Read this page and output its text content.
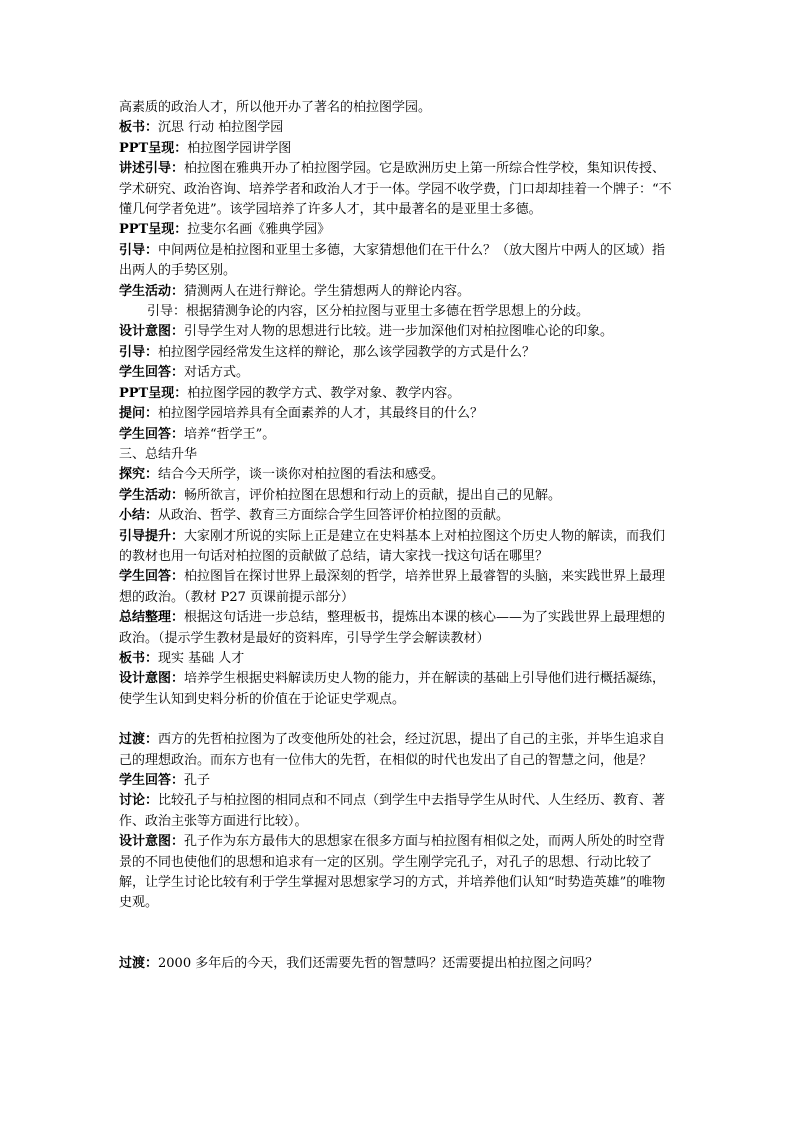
高素质的政治人才，所以他开办了著名的柏拉图学园。
板书：沉思 行动 柏拉图学园
PPT呈现：柏拉图学园讲学图

讲述引导：柏拉图在雅典开办了柏拉图学园。它是欧洲历史上第一所综合性学校，集知识传授、学术研究、政治咨询、培养学者和政治人才于一体。学园不收学费，门口却却挂着一个牌子：“不懂几何学者免进”。该学园培养了许多人才，其中最著名的是亚里士多德。

PPT呈现：拉斐尔名画《雅典学园》

引导：中间两位是柏拉图和亚里士多德，大家猜想他们在干什么？（放大图片中两人的区域）指出两人的手势区别。

学生活动：猜测两人在进行辩论。学生猜想两人的辩论内容。
引导：根据猜测争论的内容，区分柏拉图与亚里士多德在哲学思想上的分歧。
设计意图：引导学生对人物的思想进行比较。进一步加深他们对柏拉图唯心论的印象。
引导：柏拉图学园经常发生这样的辩论，那么该学园教学的方式是什么？
学生回答：对话方式。
PPT呈现：柏拉图学园的教学方式、教学对象、教学内容。
提问：柏拉图学园培养具有全面素养的人才，其最终目的什么？
学生回答：培养“哲学王”。
三、总结升华
探究：结合今天所学，谈一谈你对柏拉图的看法和感受。
学生活动：畅所欲言，评价柏拉图在思想和行动上的贡献，提出自己的见解。
小结：从政治、哲学、教育三方面综合学生回答评价柏拉图的贡献。

引导提升：大家刚才所说的实际上正是建立在史料基本上对柏拉图这个历史人物的解读，而我们的教材也用一句话对柏拉图的贡献做了总结，请大家找一找这句话在哪里？

学生回答：柏拉图旨在探讨世界上最深刻的哲学，培养世界上最睿智的头脑，来实践世界上最理想的政治。（教材 P27 页课前提示部分）

总结整理：根据这句话进一步总结，整理板书，提炼出本课的核心——为了实践世界上最理想的政治。（提示学生教材是最好的资料库，引导学生学会解读教材）

板书：现实 基础 人才

设计意图：培养学生根据史料解读历史人物的能力，并在解读的基础上引导他们进行概括凝练，使学生认知到史料分析的价值在于论证史学观点。

过渡：西方的先哲柏拉图为了改变他所处的社会，经过沉思，提出了自己的主张，并毕生追求自己的理想政治。而东方也有一位伟大的先哲，在相似的时代也发出了自己的智慧之问，他是？

学生回答：孔子

讨论：比较孔子与柏拉图的相同点和不同点（到学生中去指导学生从时代、人生经历、教育、著作、政治主张等方面进行比较）。

设计意图：孔子作为东方最伟大的思想家在很多方面与柏拉图有相似之处，而两人所处的时空背景的不同也使他们的思想和追求有一定的区别。学生刚学完孔子，对孔子的思想、行动比较了解，让学生讨论比较有利于学生掌握对思想家学习的方式，并培养他们认知“时势造英雄”的唯物史观。

过渡：2000 多年后的今天，我们还需要先哲的智慧吗？还需要提出柏拉图之问吗？
